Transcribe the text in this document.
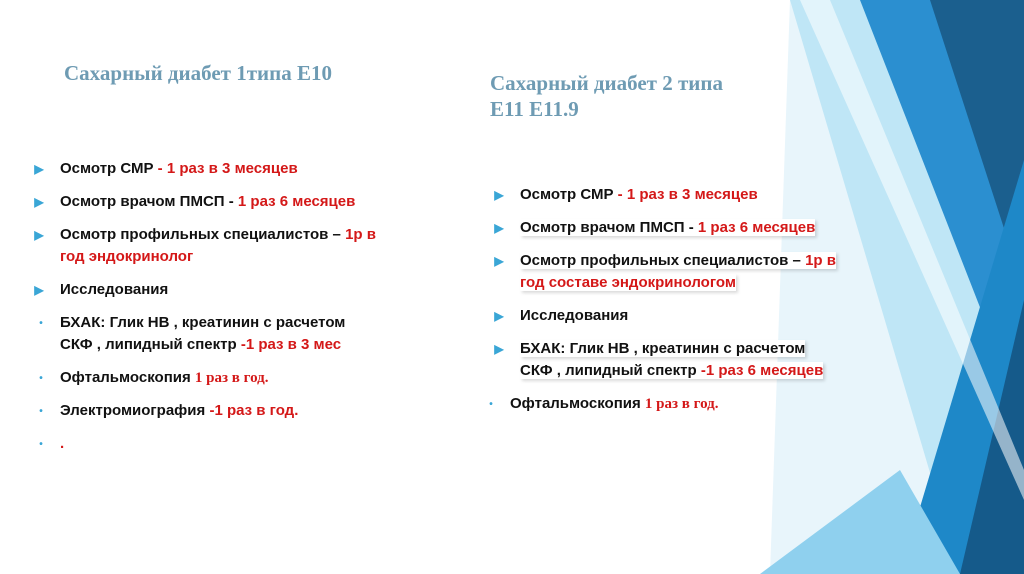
Сахарный диабет 1типа Е10
▶ Осмотр СМР - 1 раз в 3 месяцев
▶ Осмотр врачом ПМСП - 1 раз 6 месяцев
▶ Осмотр профильных специалистов – 1р в
год эндокринолог
▶ Исследования
•	БХАК: Глик НВ , креатинин с расчетом
СКФ , липидный спектр -1 раз в 3 мес
•	Офтальмоскопия 1 раз в год.
•	Электромиография -1 раз в год.
•	.
Сахарный диабет 2 типа
Е11 Е11.9
▶ Осмотр СМР - 1 раз в 3 месяцев
▶ Осмотр врачом ПМСП - 1 раз 6 месяцев
▶ Осмотр профильных специалистов – 1р в
год составе эндокринологом
▶ Исследования
▶ БХАК: Глик НВ , креатинин с расчетом
СКФ , липидный спектр -1 раз 6 месяцев
•	Офтальмоскопия 1 раз в год.
